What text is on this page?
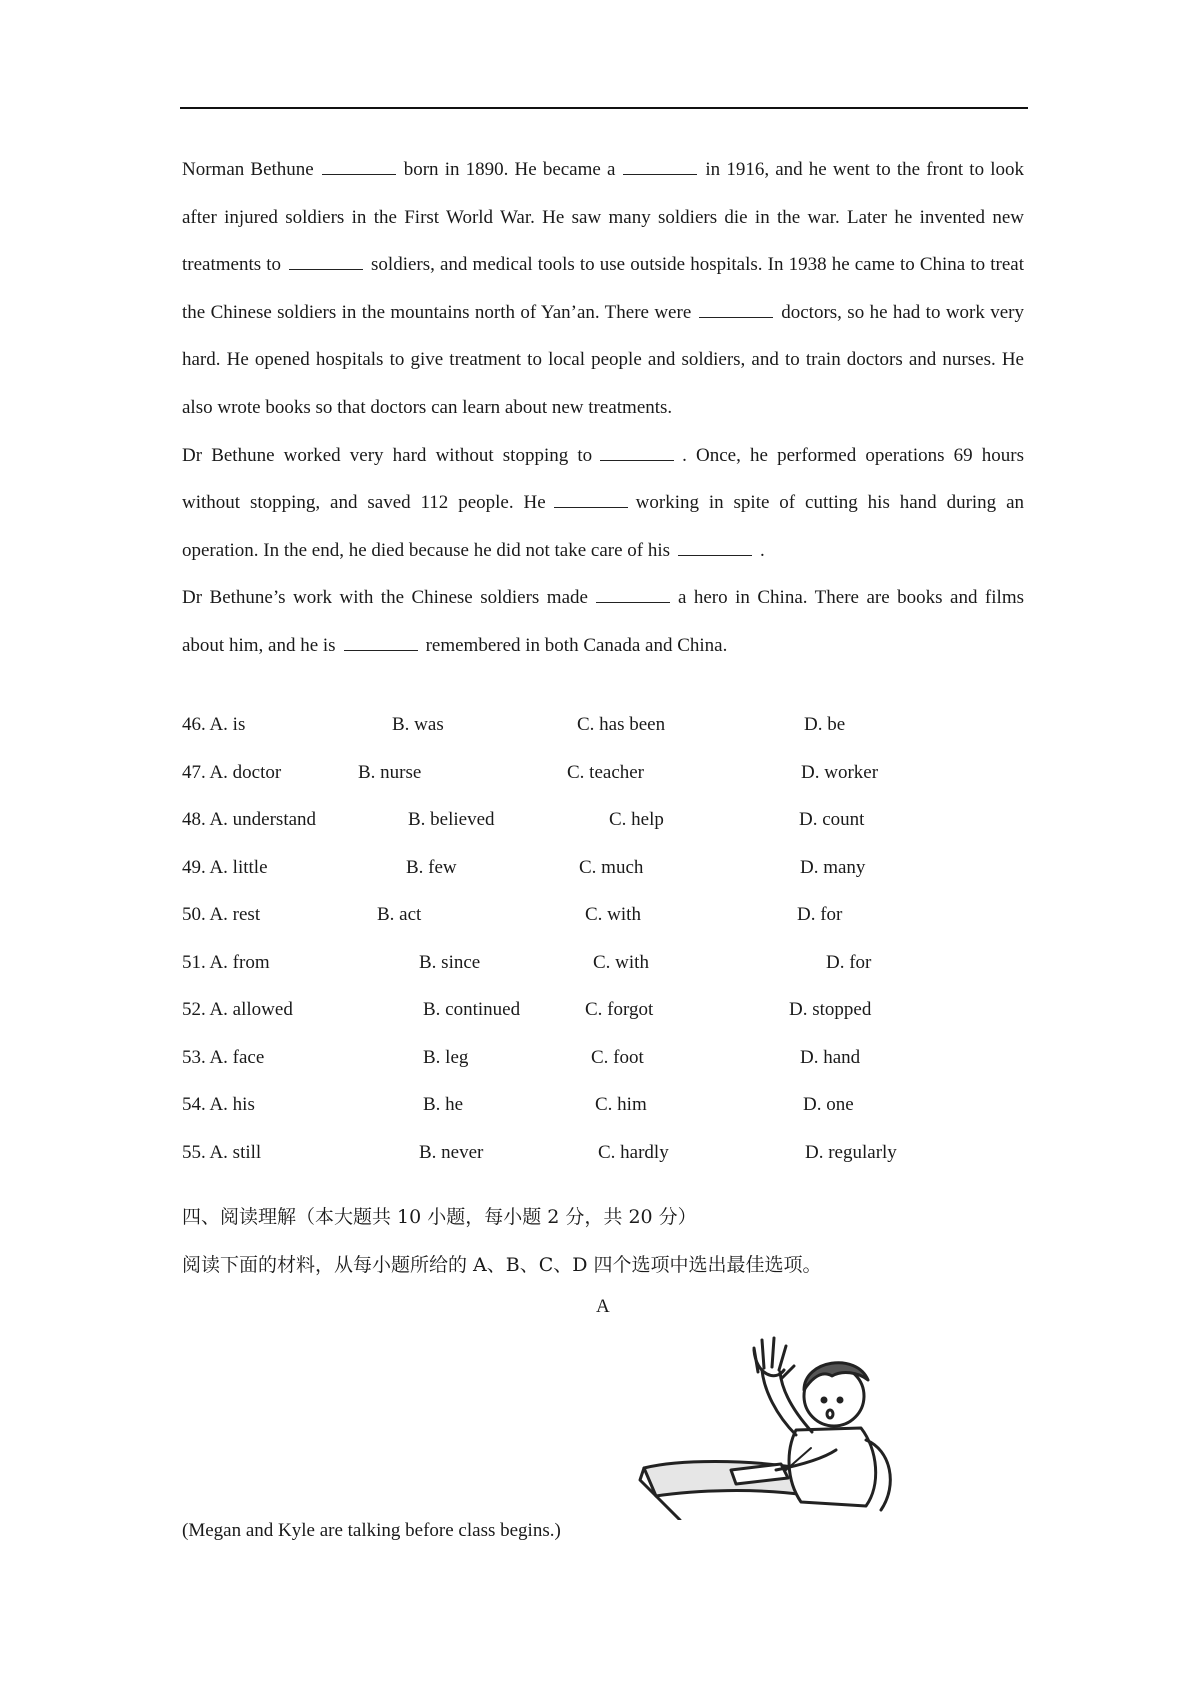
Norman Bethune	born in 1890. He became a	in 1916, and he went to the front to look after injured soldiers in the First World War. He saw many soldiers die in the war. Later he invented new treatments to	soldiers, and medical tools to use outside hospitals. In 1938 he came to China to treat the Chinese soldiers in the mountains north of Yan’an. There were	doctors, so he had to work very hard. He opened hospitals to give treatment to local people and soldiers, and to train doctors and nurses. He also wrote books so that doctors can learn about new treatments.

Dr Bethune worked very hard without stopping to	. Once, he performed operations 69 hours without stopping, and saved 112 people. He	working in spite of cutting his hand during an operation. In the end, he died because he did not take care of his	.

Dr Bethune’s work with the Chinese soldiers made	a hero in China. There are books and films about him, and he is	remembered in both Canada and China.

46. A. is	B. was	C. has been	D. be
47. A. doctor	B. nurse	C. teacher	D. worker
48. A. understand	B. believed	C. help	D. count
49. A. little	B. few	C. much	D. many
50. A. rest	B. act	C. with	D. for
51. A. from	B. since	C. with	D. for
52. A. allowed	B. continued	C. forgot	D. stopped
53. A. face	B. leg	C. foot	D. hand
54. A. his	B. he	C. him	D. one
55. A. still	B. never	C. hardly	D. regularly
四、阅读理解（本大题共 10 小题，每小题 2 分，共 20 分）
阅读下面的材料，从每小题所给的 A、B、C、D 四个选项中选出最佳选项。
A
(Megan and Kyle are talking before class begins.)
